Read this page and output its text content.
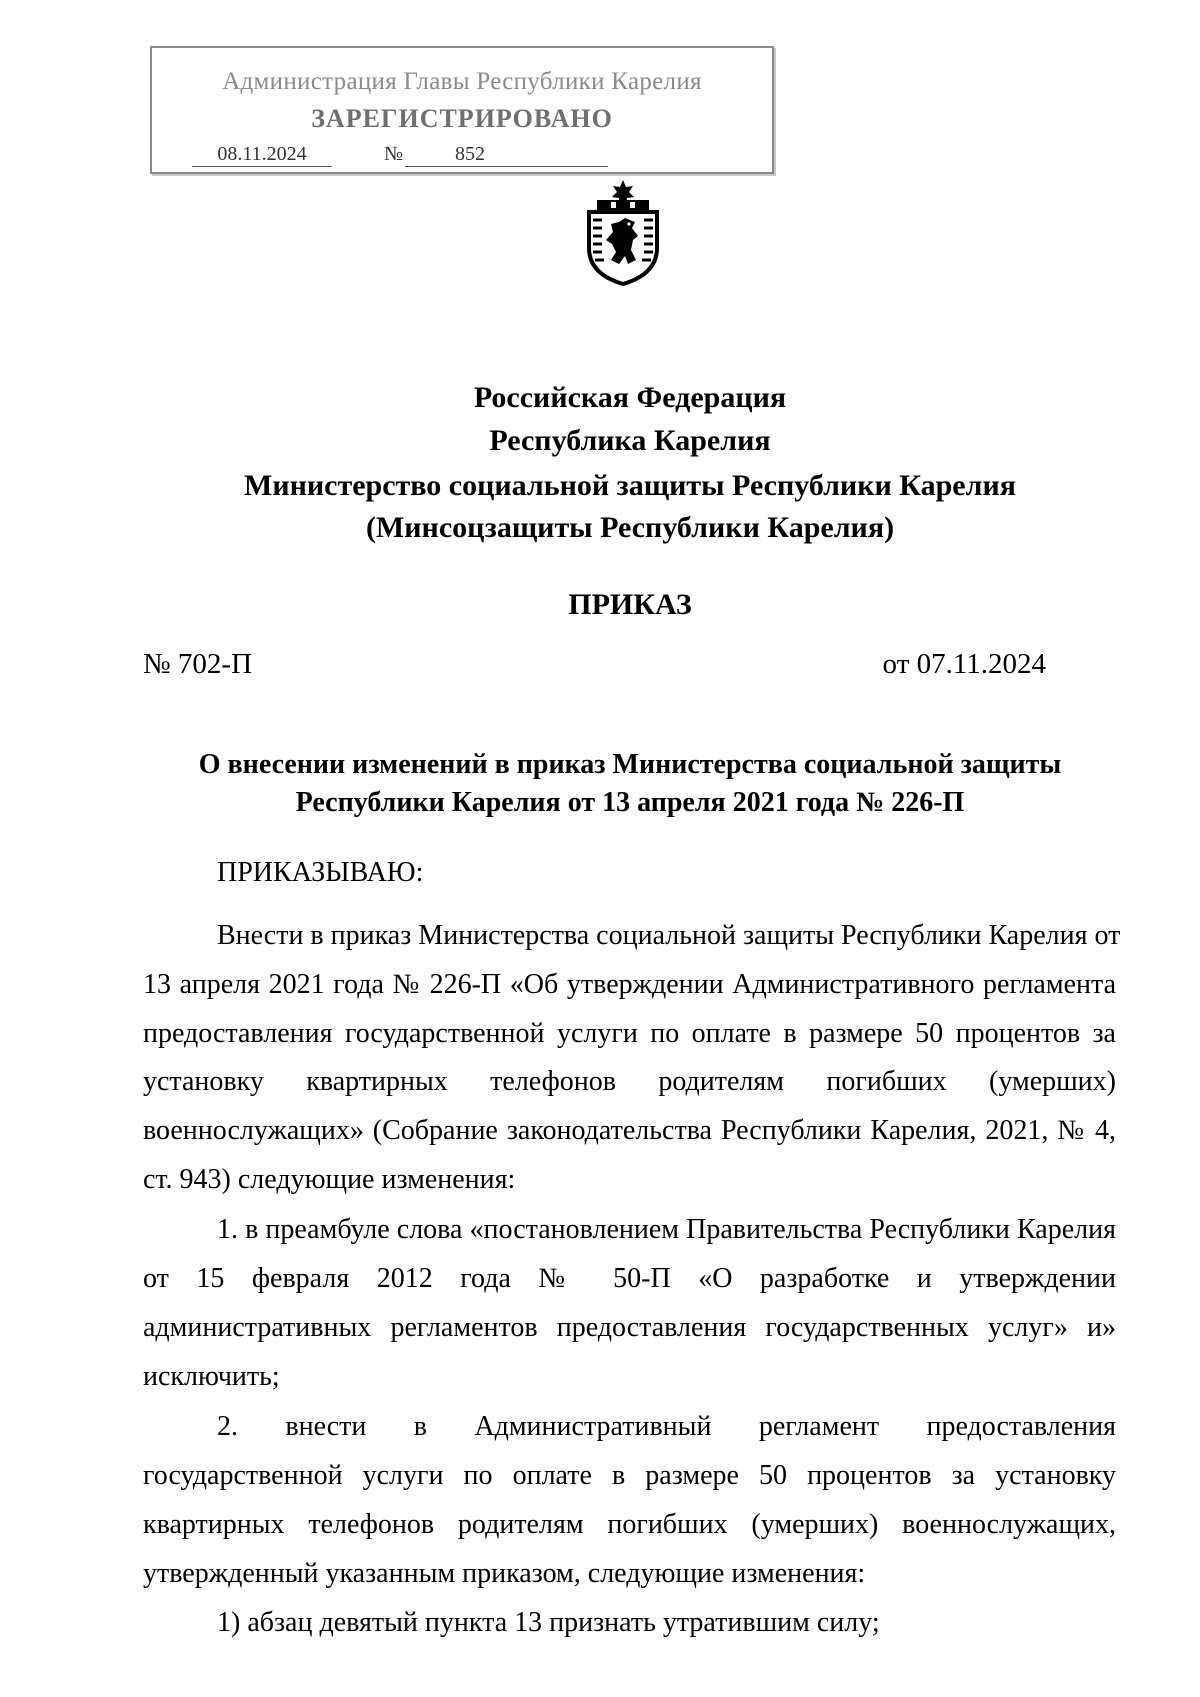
Администрация Главы Республики Карелия
ЗАРЕГИСТРИРОВАНО
08.11.2024	№	852
Российская Федерация
Республика Карелия
Министерство социальной защиты Республики Карелия
(Минсоцзащиты Республики Карелия)
ПРИКАЗ
№ 702-П	от 07.11.2024
О внесении изменений в приказ Министерства социальной защиты
Республики Карелия от 13 апреля 2021 года № 226-П
ПРИКАЗЫВАЮ:
Внести в приказ Министерства социальной защиты Республики Карелия от
13 апреля 2021 года № 226-П «Об утверждении Административного регламента
предоставления государственной услуги по оплате в размере 50 процентов за
установку квартирных телефонов родителям погибших (умерших)
военнослужащих» (Собрание законодательства Республики Карелия, 2021, № 4,
ст. 943) следующие изменения:
1. в преамбуле слова «постановлением Правительства Республики Карелия
от 15 февраля 2012 года № 50-П «О разработке и утверждении
административных регламентов предоставления государственных услуг» и»
исключить;
2. внести в Административный регламент предоставления
государственной услуги по оплате в размере 50 процентов за установку
квартирных телефонов родителям погибших (умерших) военнослужащих,
утвержденный указанным приказом, следующие изменения:
1) абзац девятый пункта 13 признать утратившим силу;
